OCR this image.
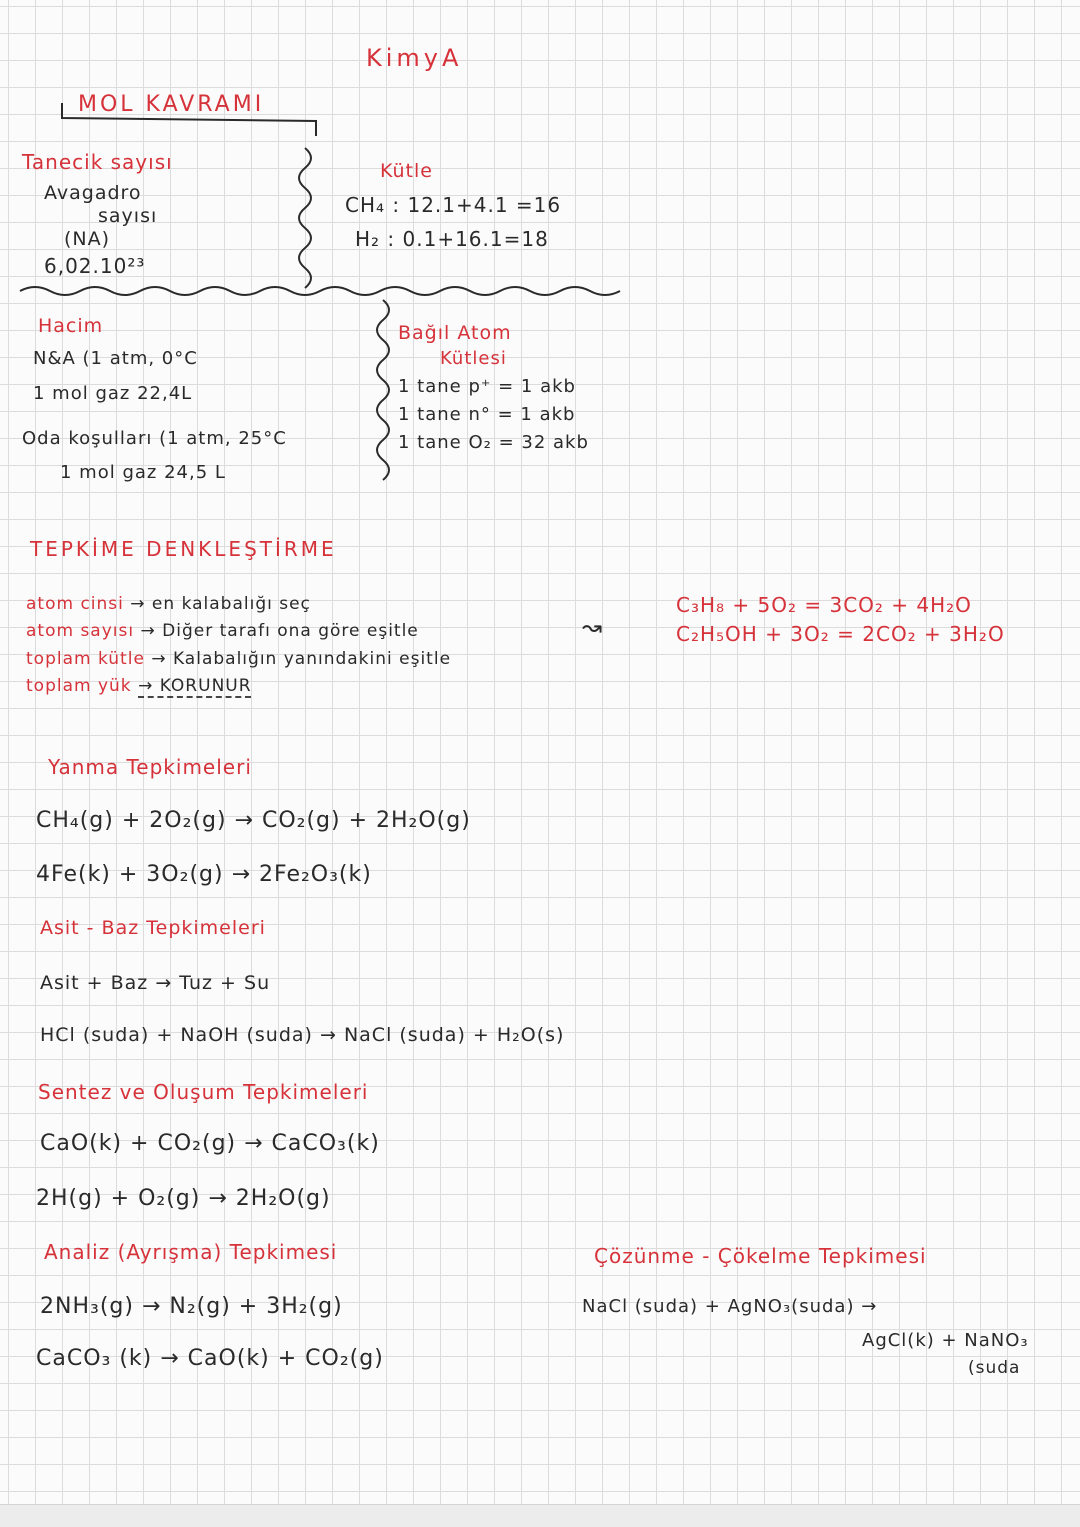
KimyA
MOL KAVRAMI
Tanecik sayısı
Avagadro
sayısı
(NA)
6,02.10²³
Kütle
CH₄ : 12.1+4.1 =16
H₂ : 0.1+16.1=18
Hacim
N&A (1 atm, 0°C
1 mol gaz 22,4L
Oda koşulları (1 atm, 25°C
1 mol gaz 24,5 L
Bağıl Atom
Kütlesi
1 tane p⁺ = 1 akb
1 tane n° = 1 akb
1 tane O₂ = 32 akb
TEPKİME DENKLEŞTİRME
atom cinsi → en kalabalığı seç
atom sayısı → Diğer tarafı ona göre eşitle
toplam kütle → Kalabalığın yanındakini eşitle
toplam yük → KORUNUR
↝
C₃H₈ + 5O₂ = 3CO₂ + 4H₂O
C₂H₅OH + 3O₂ = 2CO₂ + 3H₂O
Yanma Tepkimeleri
CH₄(g) + 2O₂(g) → CO₂(g) + 2H₂O(g)
4Fe(k) + 3O₂(g) → 2Fe₂O₃(k)
Asit - Baz Tepkimeleri
Asit + Baz → Tuz + Su
HCl (suda) + NaOH (suda) → NaCl (suda) + H₂O(s)
Sentez ve Oluşum Tepkimeleri
CaO(k) + CO₂(g) → CaCO₃(k)
2H(g) + O₂(g) → 2H₂O(g)
Analiz (Ayrışma) Tepkimesi
2NH₃(g) → N₂(g) + 3H₂(g)
CaCO₃ (k) → CaO(k) + CO₂(g)
Çözünme - Çökelme Tepkimesi
NaCl (suda) + AgNO₃(suda) →
AgCl(k) + NaNO₃
(suda
